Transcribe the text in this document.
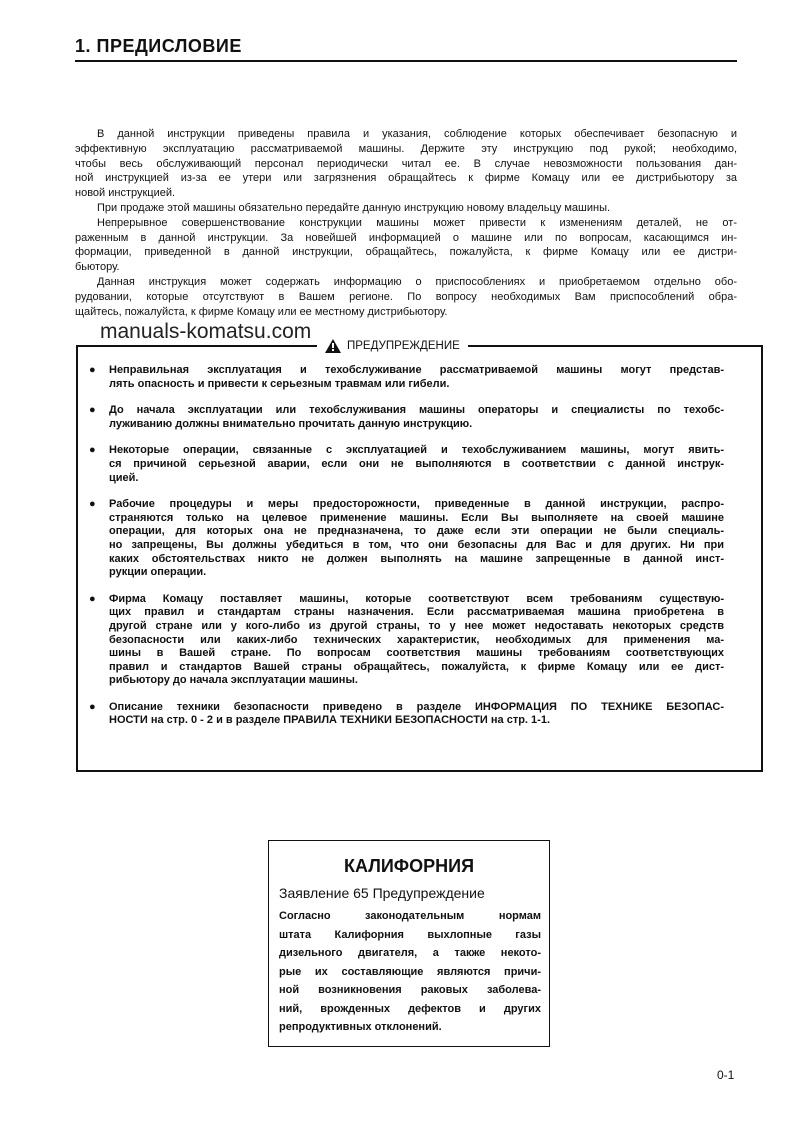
1. ПРЕДИСЛОВИЕ
В данной инструкции приведены правила и указания, соблюдение которых обеспечивает безопасную и
эффективную эксплуатацию рассматриваемой машины. Держите эту инструкцию под рукой; необходимо,
чтобы весь обслуживающий персонал периодически читал ее. В случае невозможности пользования дан-
ной инструкцией из-за ее утери или загрязнения обращайтесь к фирме Комацу или ее дистрибьютору за
новой инструкцией.
При продаже этой машины обязательно передайте данную инструкцию новому владельцу машины.
Непрерывное совершенствование конструкции машины может привести к изменениям деталей, не от-
раженным в данной инструкции. За новейшей информацией о машине или по вопросам, касающимся ин-
формации, приведенной в данной инструкции, обращайтесь, пожалуйста, к фирме Комацу или ее дистри-
бьютору.
Данная инструкция может содержать информацию о приспособлениях и приобретаемом отдельно обо-
рудовании, которые отсутствуют в Вашем регионе. По вопросу необходимых Вам приспособлений обра-
щайтесь, пожалуйста, к фирме Комацу или ее местному дистрибьютору.
manuals-komatsu.com
ПРЕДУПРЕЖДЕНИЕ
● Неправильная эксплуатация и техобслуживание рассматриваемой машины могут представ-
лять опасность и привести к серьезным травмам или гибели.
● До начала эксплуатации или техобслуживания машины операторы и специалисты по техобс-
луживанию должны внимательно прочитать данную инструкцию.
● Некоторые операции, связанные с эксплуатацией и техобслуживанием машины, могут явить-
ся причиной серьезной аварии, если они не выполняются в соответствии с данной инструк-
цией.
● Рабочие процедуры и меры предосторожности, приведенные в данной инструкции, распро-
страняются только на целевое применение машины. Если Вы выполняете на своей машине
операции, для которых она не предназначена, то даже если эти операции не были специаль-
но запрещены, Вы должны убедиться в том, что они безопасны для Вас и для других. Ни при
каких обстоятельствах никто не должен выполнять на машине запрещенные в данной инст-
рукции операции.
● Фирма Комацу поставляет машины, которые соответствуют всем требованиям существую-
щих правил и стандартам страны назначения. Если рассматриваемая машина приобретена в
другой стране или у кого-либо из другой страны, то у нее может недоставать некоторых средств
безопасности или каких-либо технических характеристик, необходимых для применения ма-
шины в Вашей стране. По вопросам соответствия машины требованиям соответствующих
правил и стандартов Вашей страны обращайтесь, пожалуйста, к фирме Комацу или ее дист-
рибьютору до начала эксплуатации машины.
● Описание техники безопасности приведено в разделе ИНФОРМАЦИЯ ПО ТЕХНИКЕ БЕЗОПАС-
НОСТИ на стр. 0 - 2 и в разделе ПРАВИЛА ТЕХНИКИ БЕЗОПАСНОСТИ на стр. 1-1.
КАЛИФОРНИЯ
Заявление 65 Предупреждение
Согласно законодательным нормам
штата Калифорния выхлопные газы
дизельного двигателя, а также некото-
рые их составляющие являются причи-
ной возникновения раковых заболева-
ний, врожденных дефектов и других
репродуктивных отклонений.
0-1
